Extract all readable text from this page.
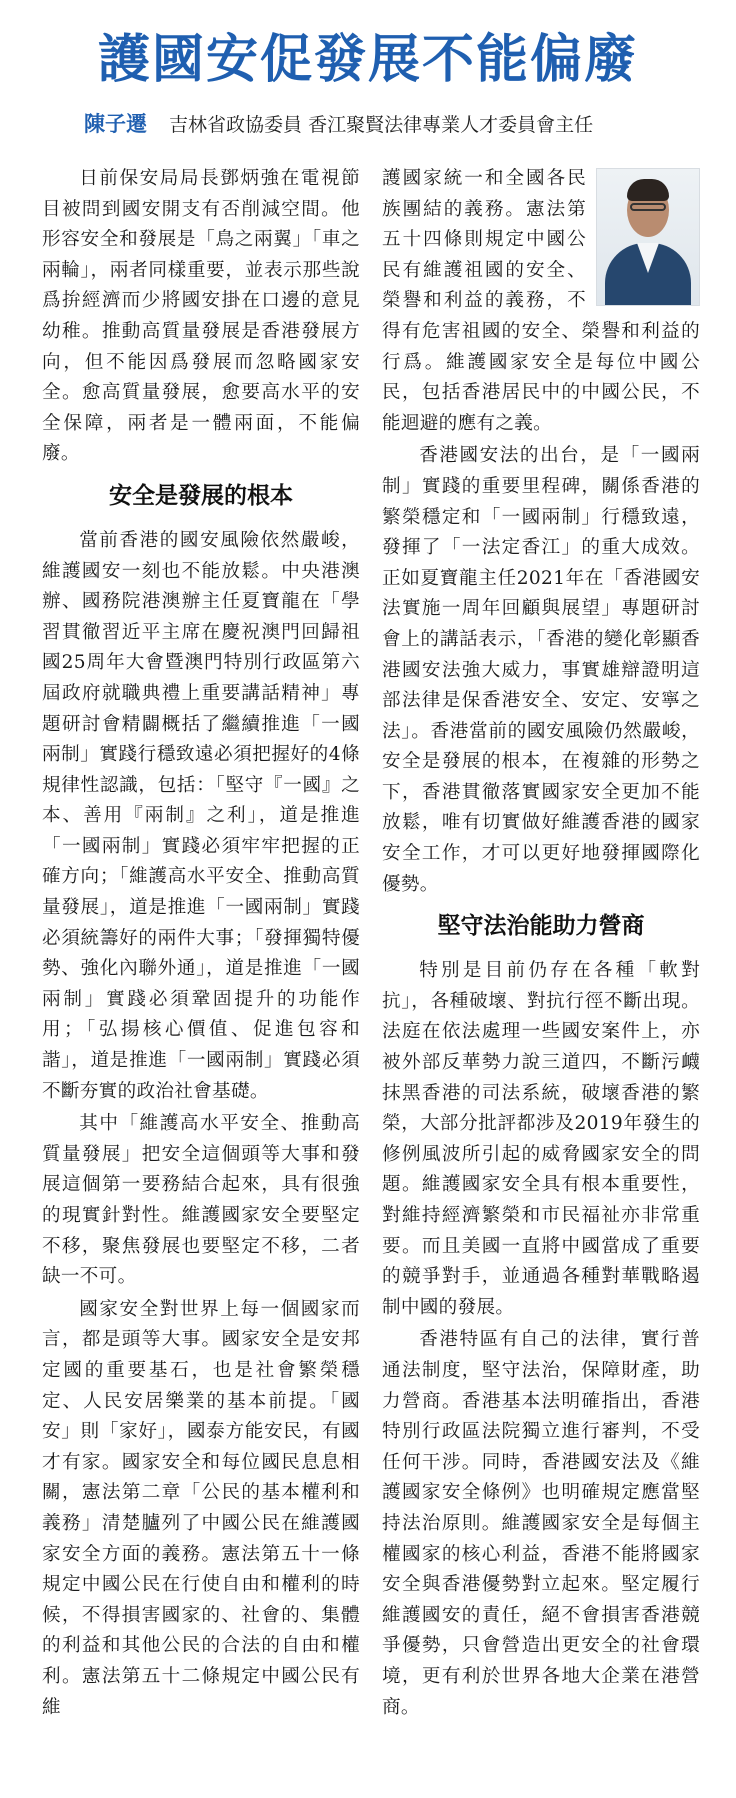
護國安促發展不能偏廢
陳子遷 吉林省政協委員 香江聚賢法律專業人才委員會主任

日前保安局局長鄧炳強在電視節目被問到國安開支有否削減空間。他形容安全和發展是「鳥之兩翼」「車之兩輪」，兩者同樣重要，並表示那些說爲拚經濟而少將國安掛在口邊的意見幼稚。推動高質量發展是香港發展方向，但不能因爲發展而忽略國家安全。愈高質量發展，愈要高水平的安全保障，兩者是一體兩面，不能偏廢。

安全是發展的根本

當前香港的國安風險依然嚴峻，維護國安一刻也不能放鬆。中央港澳辦、國務院港澳辦主任夏寶龍在「學習貫徹習近平主席在慶祝澳門回歸祖國25周年大會暨澳門特別行政區第六屆政府就職典禮上重要講話精神」專題研討會精闢概括了繼續推進「一國兩制」實踐行穩致遠必須把握好的4條規律性認識，包括：「堅守『一國』之本、善用『兩制』之利」，道是推進「一國兩制」實踐必須牢牢把握的正確方向；「維護高水平安全、推動高質量發展」，道是推進「一國兩制」實踐必須統籌好的兩件大事；「發揮獨特優勢、強化內聯外通」，道是推進「一國兩制」實踐必須鞏固提升的功能作用；「弘揚核心價值、促進包容和諧」，道是推進「一國兩制」實踐必須不斷夯實的政治社會基礎。

其中「維護高水平安全、推動高質量發展」把安全這個頭等大事和發展這個第一要務結合起來，具有很強的現實針對性。維護國家安全要堅定不移，聚焦發展也要堅定不移，二者缺一不可。

國家安全對世界上每一個國家而言，都是頭等大事。國家安全是安邦定國的重要基石，也是社會繁榮穩定、人民安居樂業的基本前提。「國安」則「家好」，國泰方能安民，有國才有家。國家安全和每位國民息息相關，憲法第二章「公民的基本權利和義務」清楚臚列了中國公民在維護國家安全方面的義務。憲法第五十一條規定中國公民在行使自由和權利的時候，不得損害國家的、社會的、集體的利益和其他公民的合法的自由和權利。憲法第五十二條規定中國公民有維

護國家統一和全國各民族團結的義務。憲法第五十四條則規定中國公民有維護祖國的安全、榮譽和利益的義務，不得有危害祖國的安全、榮譽和利益的行爲。維護國家安全是每位中國公民，包括香港居民中的中國公民，不能迴避的應有之義。

香港國安法的出台，是「一國兩制」實踐的重要里程碑，關係香港的繁榮穩定和「一國兩制」行穩致遠，發揮了「一法定香江」的重大成效。正如夏寶龍主任2021年在「香港國安法實施一周年回顧與展望」專題研討會上的講話表示，「香港的變化彰顯香港國安法強大威力，事實雄辯證明這部法律是保香港安全、安定、安寧之法」。香港當前的國安風險仍然嚴峻，安全是發展的根本，在複雜的形勢之下，香港貫徹落實國家安全更加不能放鬆，唯有切實做好維護香港的國家安全工作，才可以更好地發揮國際化優勢。

堅守法治能助力營商

特別是目前仍存在各種「軟對抗」，各種破壞、對抗行徑不斷出現。法庭在依法處理一些國安案件上，亦被外部反華勢力說三道四，不斷污衊抹黑香港的司法系統，破壞香港的繁榮，大部分批評都涉及2019年發生的修例風波所引起的威脅國家安全的問題。維護國家安全具有根本重要性，對維持經濟繁榮和市民福祉亦非常重要。而且美國一直將中國當成了重要的競爭對手，並通過各種對華戰略遏制中國的發展。

香港特區有自己的法律，實行普通法制度，堅守法治，保障財產，助力營商。香港基本法明確指出，香港特別行政區法院獨立進行審判，不受任何干涉。同時，香港國安法及《維護國家安全條例》也明確規定應當堅持法治原則。維護國家安全是每個主權國家的核心利益，香港不能將國家安全與香港優勢對立起來。堅定履行維護國安的責任，絕不會損害香港競爭優勢，只會營造出更安全的社會環境，更有利於世界各地大企業在港營商。
